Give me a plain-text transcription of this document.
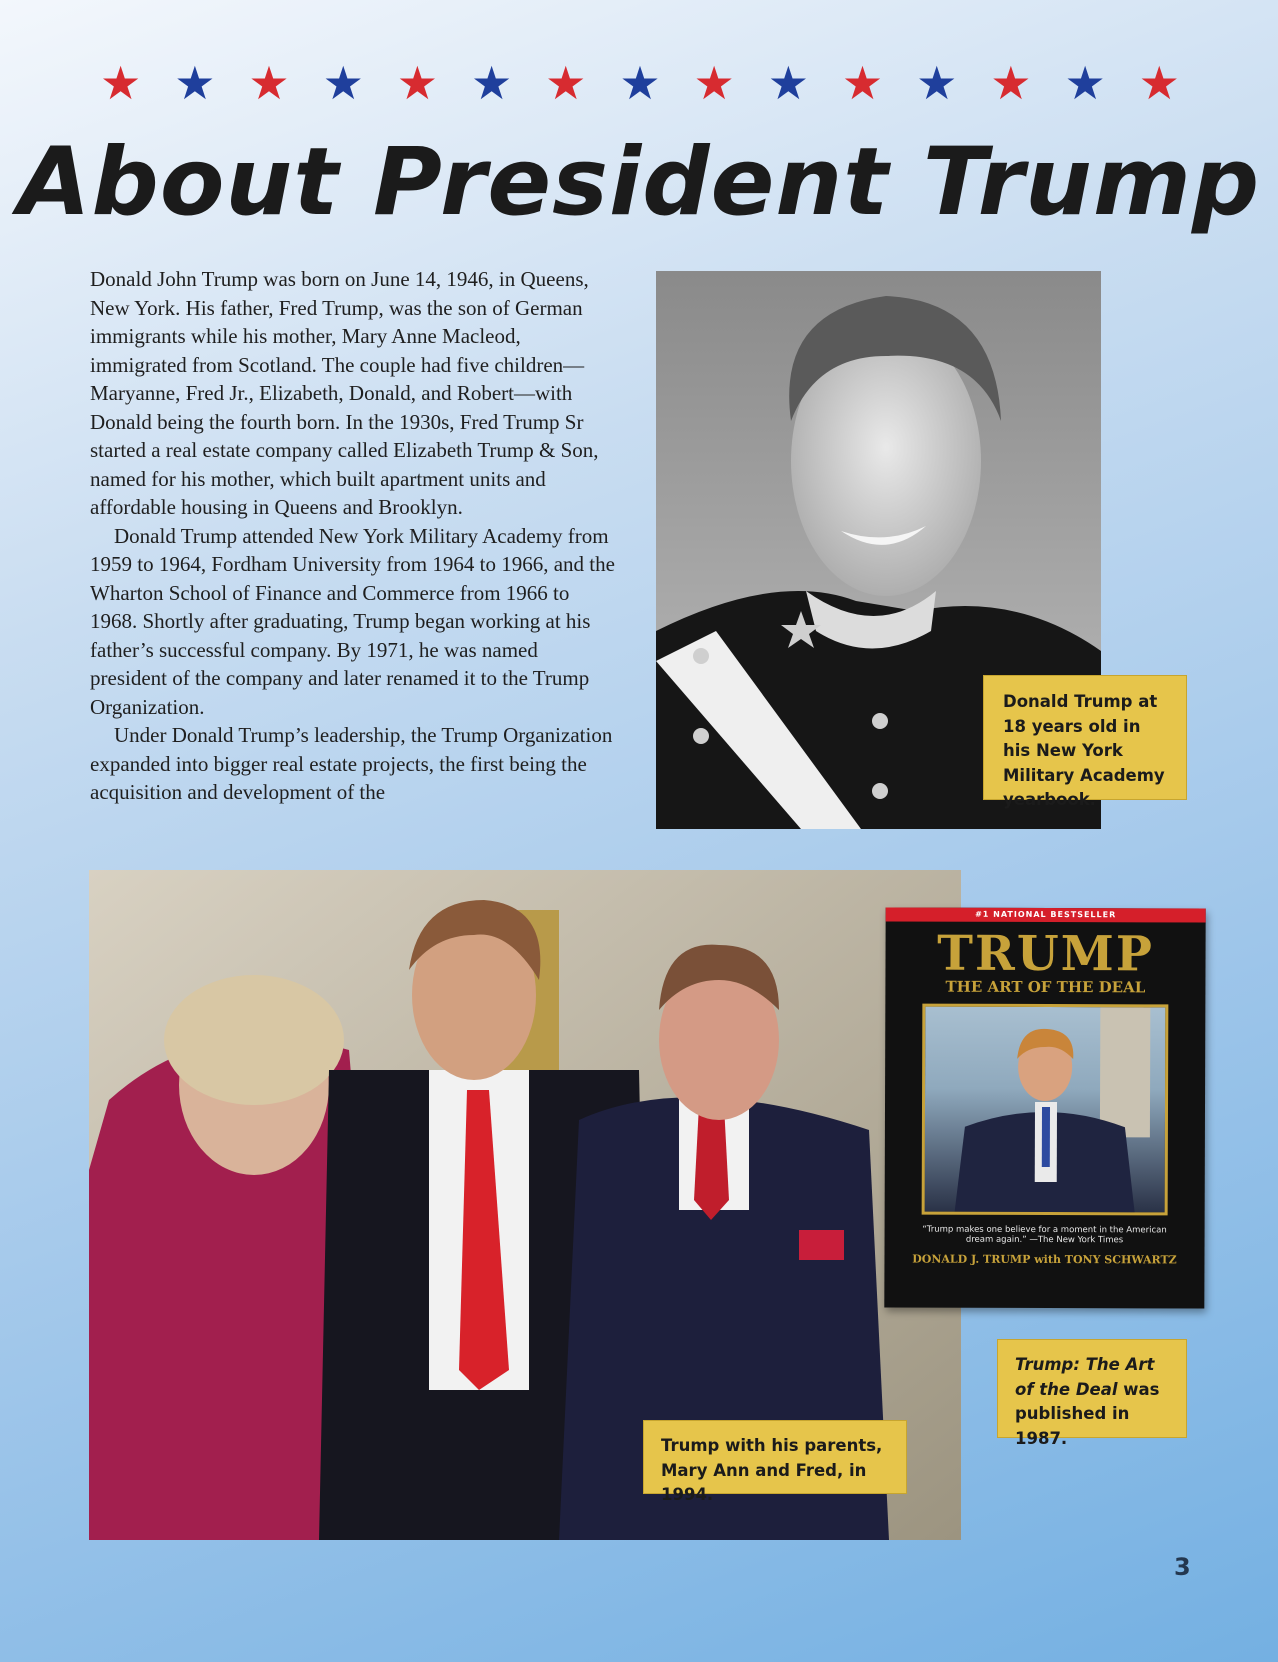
★ ★ ★ ★ ★ ★ ★ ★ ★ ★ ★ ★ ★ ★ ★
About President Trump

Donald John Trump was born on June 14, 1946, in Queens, New York. His father, Fred Trump, was the son of German immigrants while his mother, Mary Anne Macleod, immigrated from Scotland. The couple had five children—Maryanne, Fred Jr., Elizabeth, Donald, and Robert—with Donald being the fourth born. In the 1930s, Fred Trump Sr started a real estate company called Elizabeth Trump & Son, named for his mother, which built apartment units and affordable housing in Queens and Brooklyn.

Donald Trump attended New York Military Academy from 1959 to 1964, Fordham University from 1964 to 1966, and the Wharton School of Finance and Commerce from 1966 to 1968. Shortly after graduating, Trump began working at his father’s successful company. By 1971, he was named president of the company and later renamed it to the Trump Organization.

Under Donald Trump’s leadership, the Trump Organization expanded into bigger real estate projects, the first being the acquisition and development of the

Donald Trump at 18 years old in his New York Military Academy yearbook.
Trump with his parents, Mary Ann and Fred, in 1994.
#1 NATIONAL BESTSELLER
TRUMP
THE ART OF THE DEAL
“Trump makes one believe for a moment in the American dream again.” —The New York Times
DONALD J. TRUMP with TONY SCHWARTZ
Trump: The Art of the Deal was published in 1987.
3
